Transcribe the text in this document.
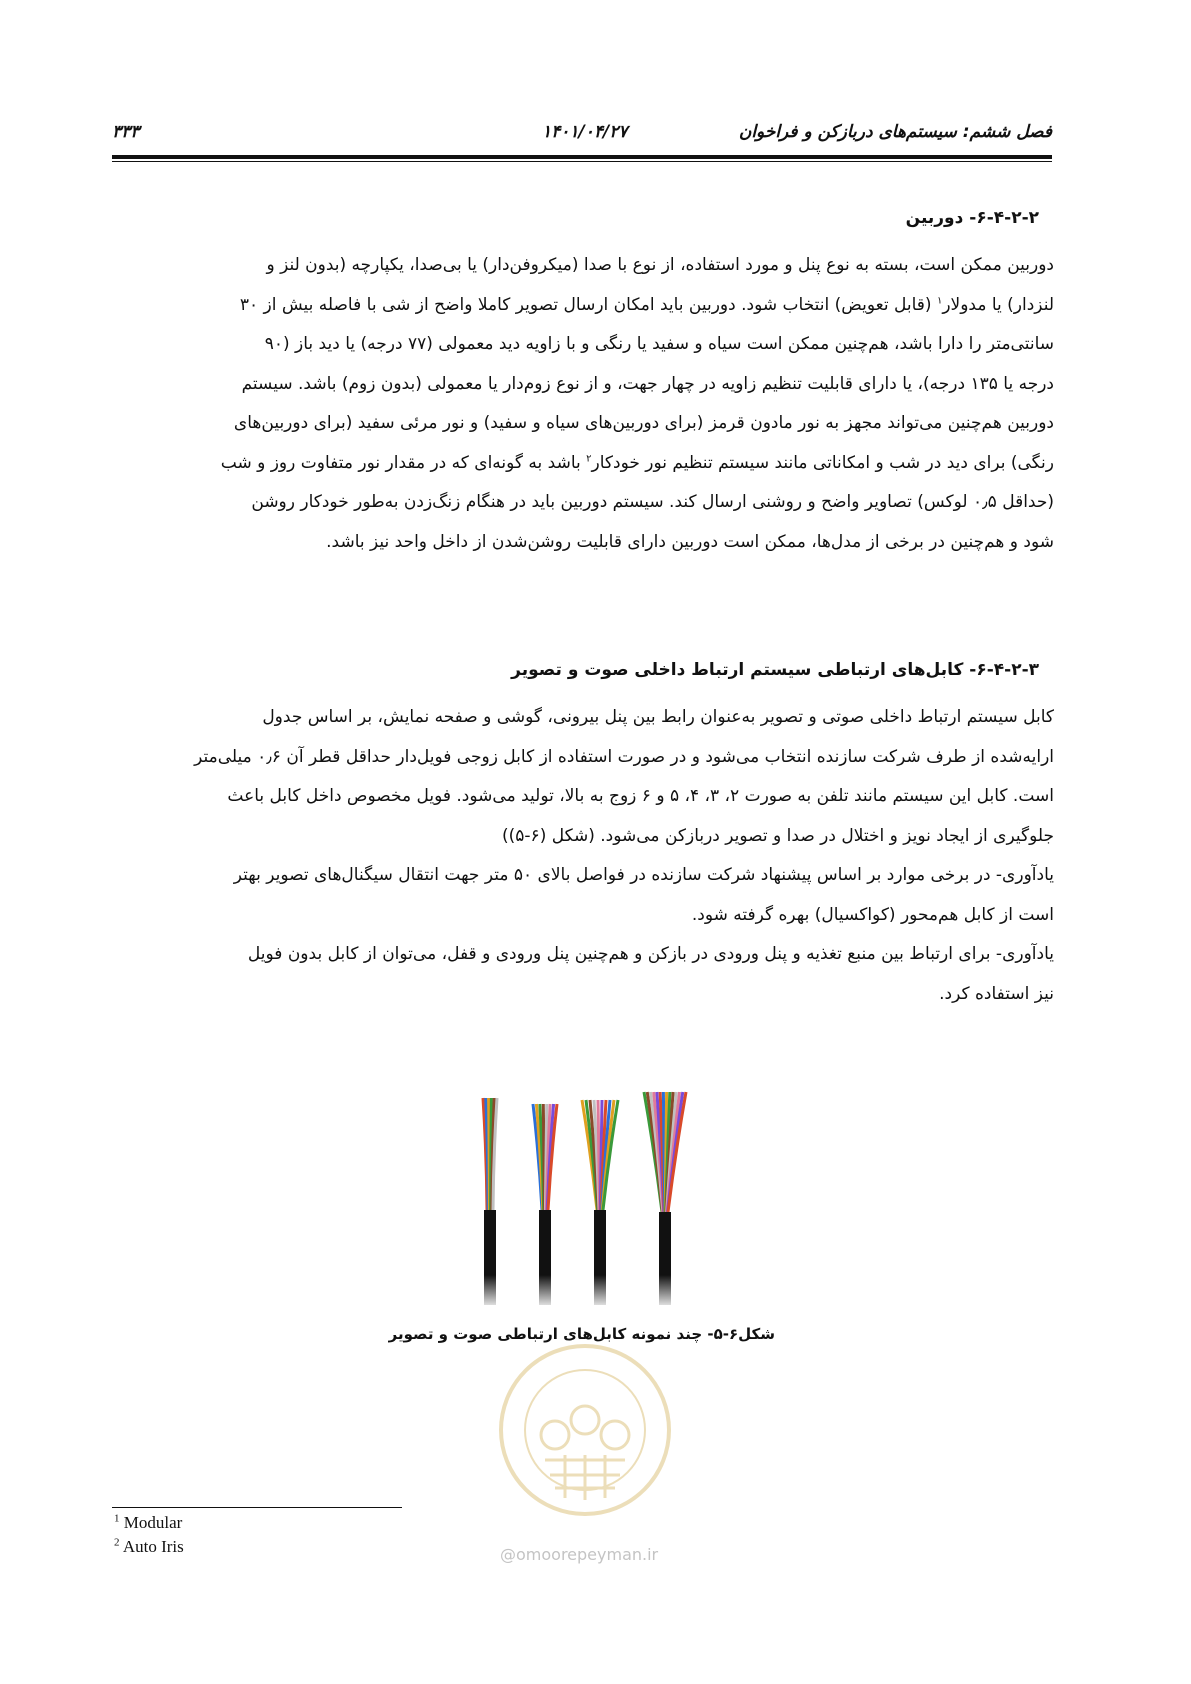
فصل ششم: سیستم‌های دربازکن و فراخوان
۱۴۰۱/۰۴/۲۷
۳۳۳
۶-۴-۲-۲- دوربین
دوربین ممکن است، بسته به نوع پنل و مورد استفاده، از نوع با صدا (میکروفن‌دار) یا بی‌صدا، یکپارچه (بدون لنز و
لنزدار) یا مدولار$^۱$ (قابل تعویض) انتخاب شود. دوربین باید امکان ارسال تصویر کاملا واضح از شی با فاصله بیش از ۳۰
سانتی‌متر را دارا باشد، هم‌چنین ممکن است سیاه و سفید یا رنگی و با زاویه دید معمولی (۷۷ درجه) یا دید باز (۹۰
درجه یا ۱۳۵ درجه)، یا دارای قابلیت تنظیم زاویه در چهار جهت، و از نوع زوم‌دار یا معمولی (بدون زوم) باشد. سیستم
دوربین هم‌چنین می‌تواند مجهز به نور مادون قرمز (برای دوربین‌های سیاه و سفید) و نور مرئی سفید (برای دوربین‌های
رنگی) برای دید در شب و امکاناتی مانند سیستم تنظیم نور خودکار$^۲$ باشد به گونه‌ای که در مقدار نور متفاوت روز و شب
(حداقل ۰٫۵ لوکس) تصاویر واضح و روشنی ارسال کند. سیستم دوربین باید در هنگام زنگ‌زدن به‌طور خودکار روشن
شود و هم‌چنین در برخی از مدل‌ها، ممکن است دوربین دارای قابلیت روشن‌شدن از داخل واحد نیز باشد.
۶-۴-۲-۳- کابل‌های ارتباطی سیستم ارتباط داخلی صوت و تصویر
کابل سیستم ارتباط داخلی صوتی و تصویر به‌عنوان رابط بین پنل بیرونی، گوشی و صفحه نمایش، بر اساس جدول
ارایه‌شده از طرف شرکت سازنده انتخاب می‌شود و در صورت استفاده از کابل زوجی فویل‌دار حداقل قطر آن ۰٫۶ میلی‌متر
است. کابل این سیستم مانند تلفن به صورت ۲، ۳، ۴، ۵ و ۶ زوج به بالا، تولید می‌شود. فویل مخصوص داخل کابل باعث
جلوگیری از ایجاد نویز و اختلال در صدا و تصویر دربازکن می‌شود. (شکل (۶-۵))
یادآوری- در برخی موارد بر اساس پیشنهاد شرکت سازنده در فواصل بالای ۵۰ متر جهت انتقال سیگنال‌های تصویر بهتر
است از کابل هم‌محور (کواکسیال) بهره گرفته شود.
یادآوری- برای ارتباط بین منبع تغذیه و پنل ورودی در بازکن و هم‌چنین پنل ورودی و قفل، می‌توان از کابل بدون فویل
نیز استفاده کرد.
شکل۶-۵- چند نمونه کابل‌های ارتباطی صوت و تصویر
@omoorepeyman.ir
$^1$ Modular
$^2$ Auto Iris
